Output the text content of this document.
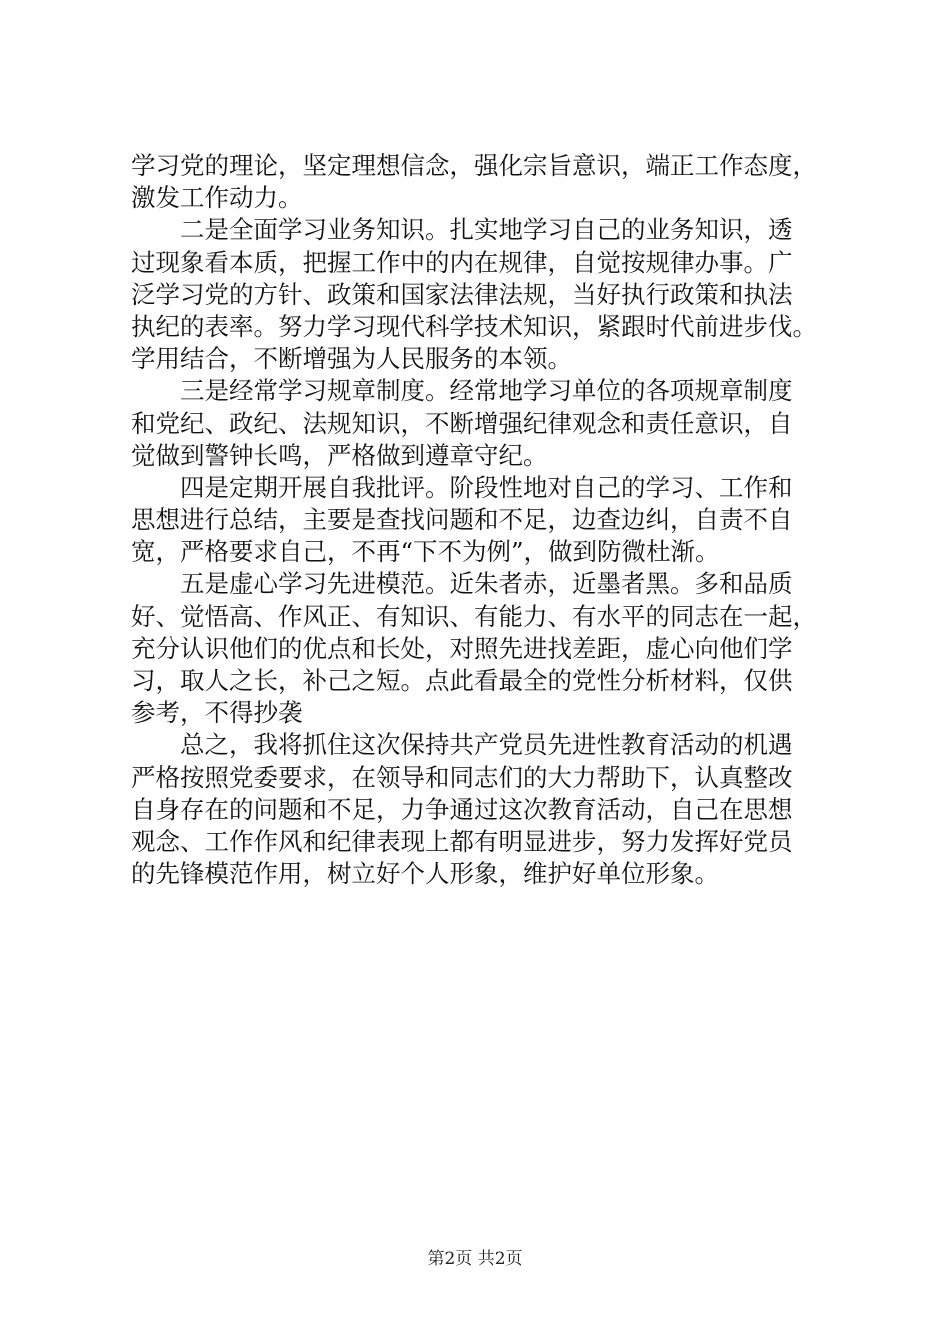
学习党的理论，坚定理想信念，强化宗旨意识，端正工作态度，

激发工作动力。

　　二是全面学习业务知识。扎实地学习自己的业务知识，透

过现象看本质，把握工作中的内在规律，自觉按规律办事。广

泛学习党的方针、政策和国家法律法规，当好执行政策和执法

执纪的表率。努力学习现代科学技术知识，紧跟时代前进步伐。

学用结合，不断增强为人民服务的本领。

　　三是经常学习规章制度。经常地学习单位的各项规章制度

和党纪、政纪、法规知识，不断增强纪律观念和责任意识，自

觉做到警钟长鸣，严格做到遵章守纪。

　　四是定期开展自我批评。阶段性地对自己的学习、工作和

思想进行总结，主要是查找问题和不足，边查边纠，自责不自

宽，严格要求自己，不再“下不为例”，做到防微杜渐。

　　五是虚心学习先进模范。近朱者赤，近墨者黑。多和品质

好、觉悟高、作风正、有知识、有能力、有水平的同志在一起，

充分认识他们的优点和长处，对照先进找差距，虚心向他们学

习，取人之长，补己之短。点此看最全的党性分析材料，仅供

参考，不得抄袭

　　总之，我将抓住这次保持共产党员先进性教育活动的机遇

严格按照党委要求，在领导和同志们的大力帮助下，认真整改

自身存在的问题和不足，力争通过这次教育活动，自己在思想

观念、工作作风和纪律表现上都有明显进步，努力发挥好党员

的先锋模范作用，树立好个人形象，维护好单位形象。

第2页 共2页
